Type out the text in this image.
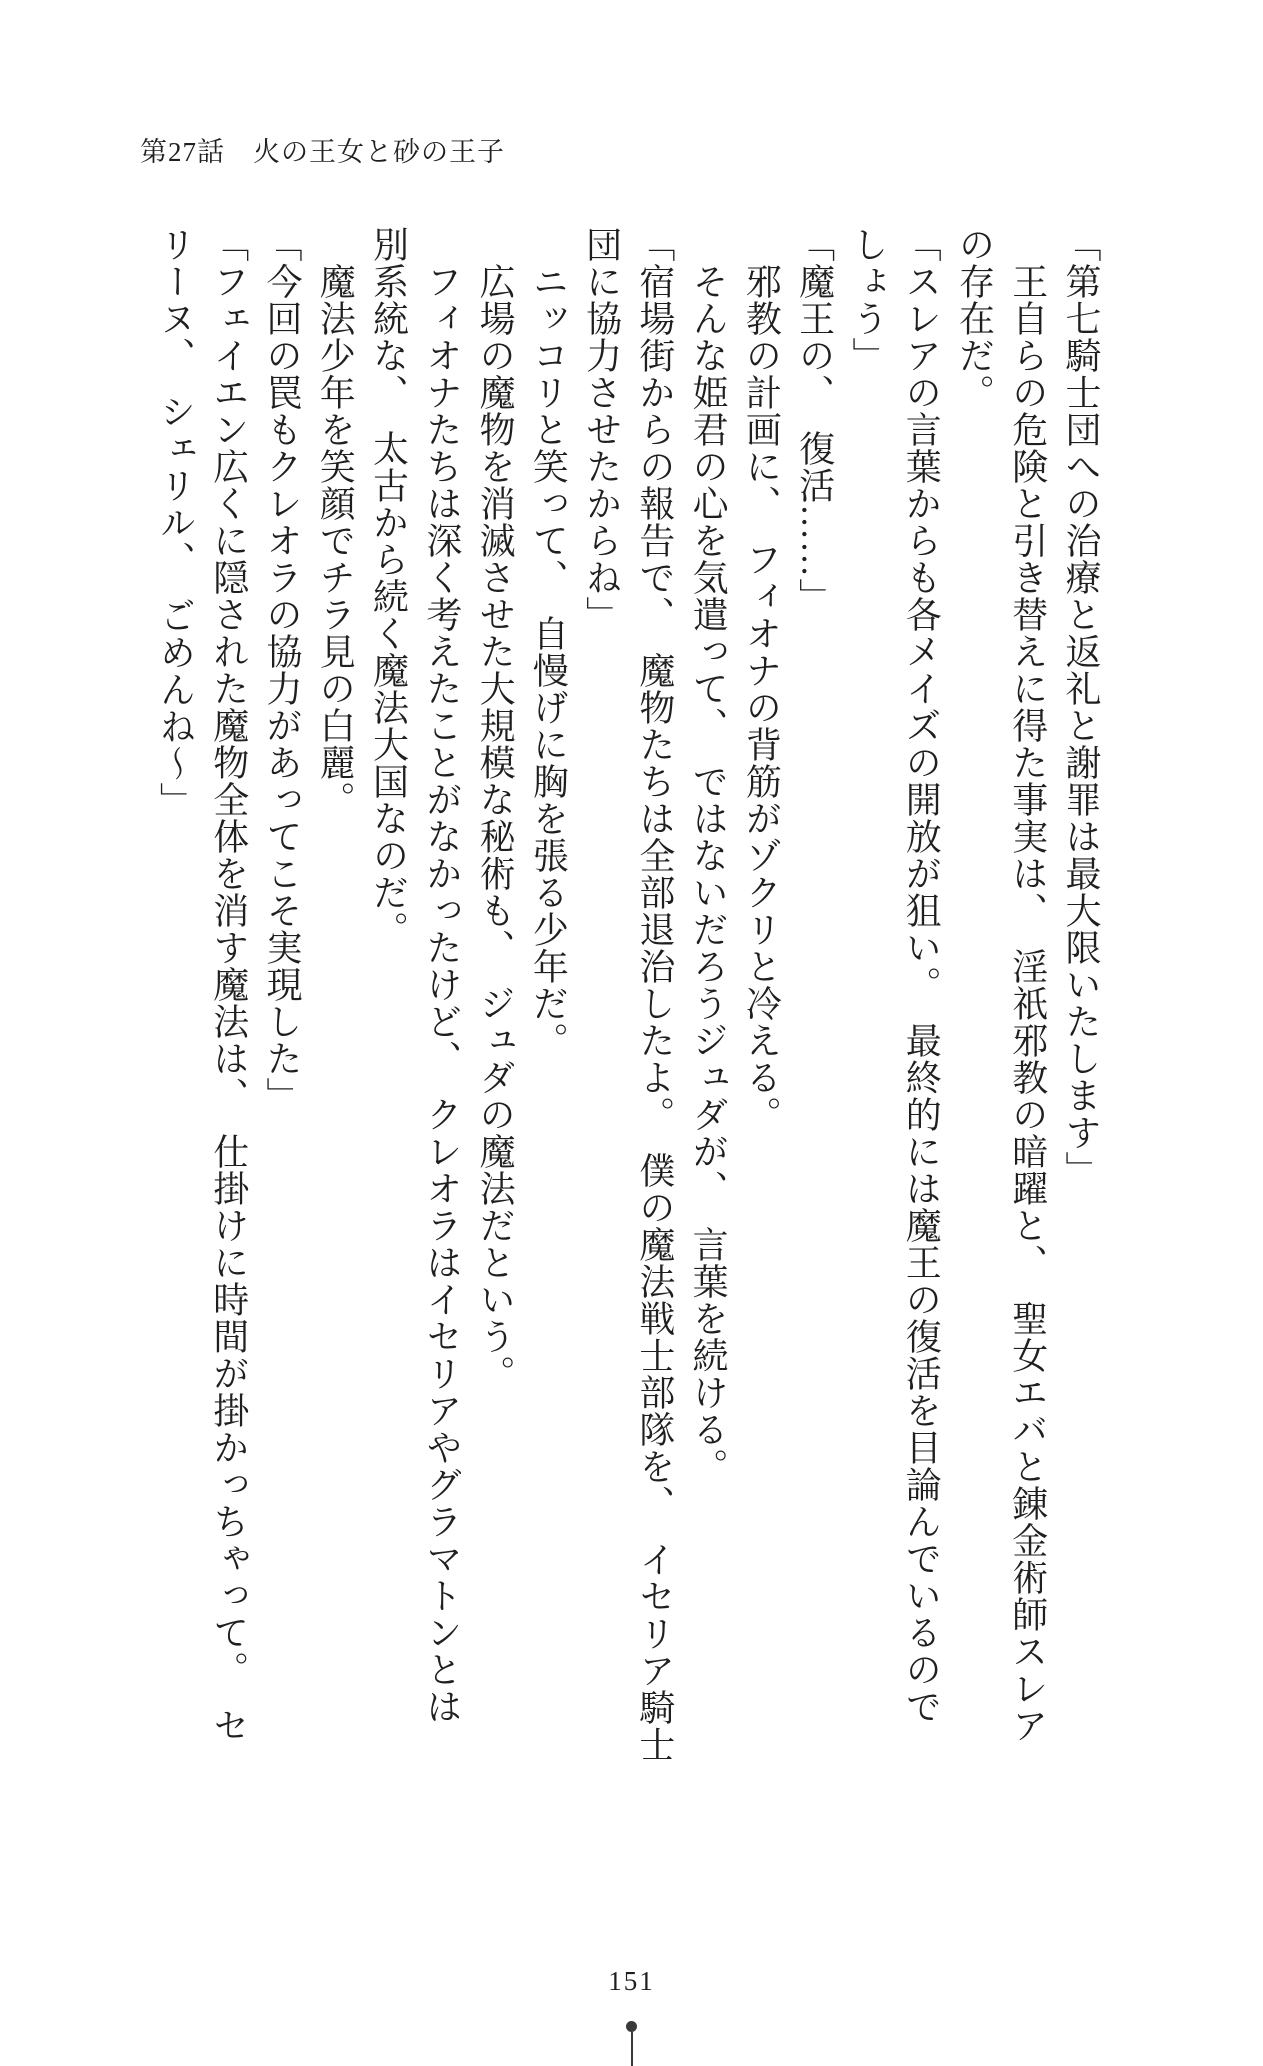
第27話　火の王女と砂の王子
「第七騎士団への治療と返礼と謝罪は最大限いたします」
　王自らの危険と引き替えに得た事実は、　淫祇邪教の暗躍と、　聖女エバと錬金術師スレア
の存在だ。
「スレアの言葉からも各メイズの開放が狙い。　最終的には魔王の復活を目論んでいるので
しょう」
「魔王の、　復活……」
　邪教の計画に、　フィオナの背筋がゾクリと冷える。
　そんな姫君の心を気遣って、　ではないだろうジュダが、　言葉を続ける。
「宿場街からの報告で、　魔物たちは全部退治したよ。　僕の魔法戦士部隊を、　イセリア騎士
団に協力させたからね」
　ニッコリと笑って、　自慢げに胸を張る少年だ。
　広場の魔物を消滅させた大規模な秘術も、　ジュダの魔法だという。
　フィオナたちは深く考えたことがなかったけど、　クレオラはイセリアやグラマトンとは
別系統な、　太古から続く魔法大国なのだ。
　魔法少年を笑顔でチラ見の白麗。
「今回の罠もクレオラの協力があってこそ実現した」
「フェイエン広くに隠された魔物全体を消す魔法は、　仕掛けに時間が掛かっちゃって。　セ
リーヌ、　シェリル、　ごめんね〜」
151
